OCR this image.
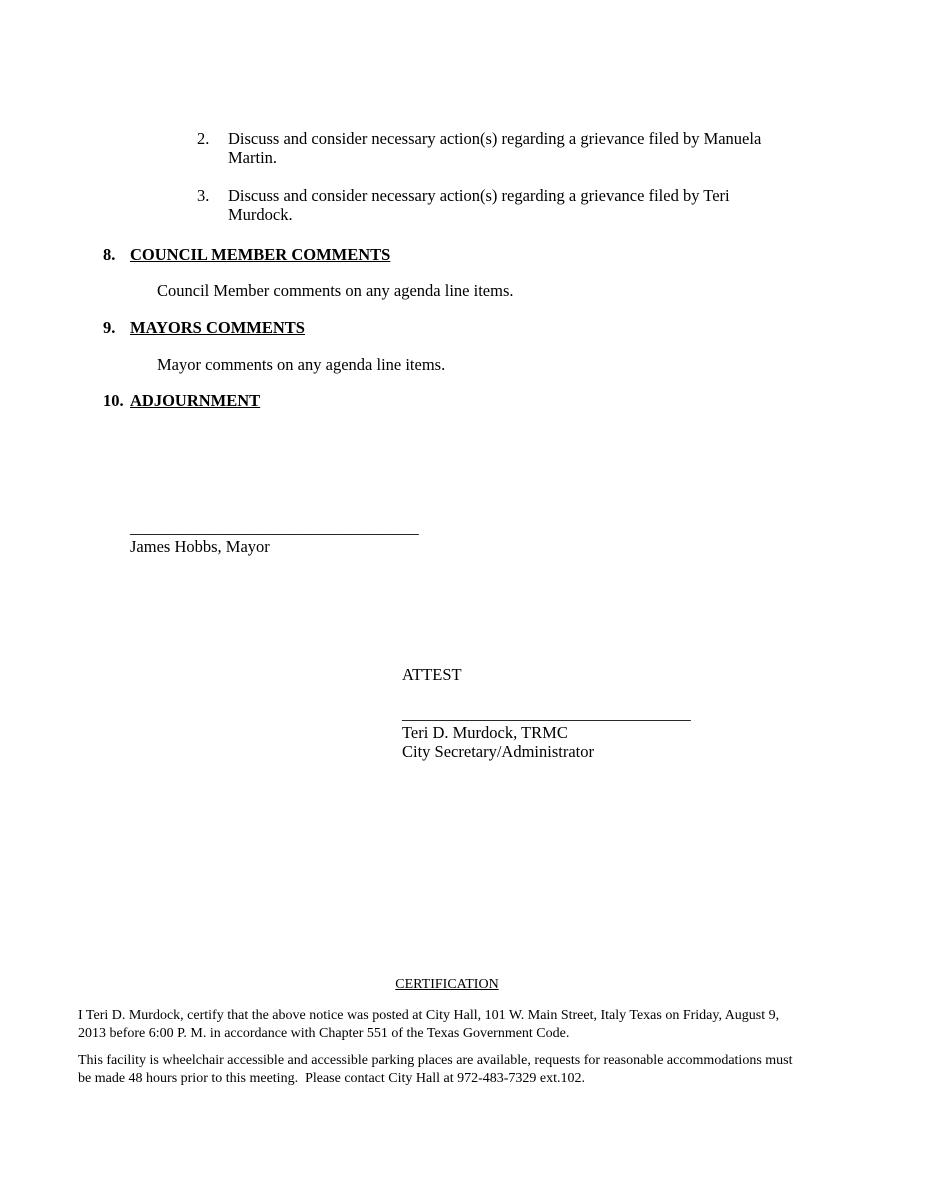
2.	Discuss and consider necessary action(s) regarding a grievance filed by Manuela Martin.
3.	Discuss and consider necessary action(s) regarding a grievance filed by Teri Murdock.
8. COUNCIL MEMBER COMMENTS
Council Member comments on any agenda line items.
9. MAYORS COMMENTS
Mayor comments on any agenda line items.
10. ADJOURNMENT
___________________________________
James Hobbs, Mayor
ATTEST
___________________________________
Teri D. Murdock, TRMC
City Secretary/Administrator
CERTIFICATION
I Teri D. Murdock, certify that the above notice was posted at City Hall, 101 W. Main Street, Italy Texas on Friday, August 9, 2013 before 6:00 P. M. in accordance with Chapter 551 of the Texas Government Code.
This facility is wheelchair accessible and accessible parking places are available, requests for reasonable accommodations must be made 48 hours prior to this meeting.  Please contact City Hall at 972-483-7329 ext.102.
